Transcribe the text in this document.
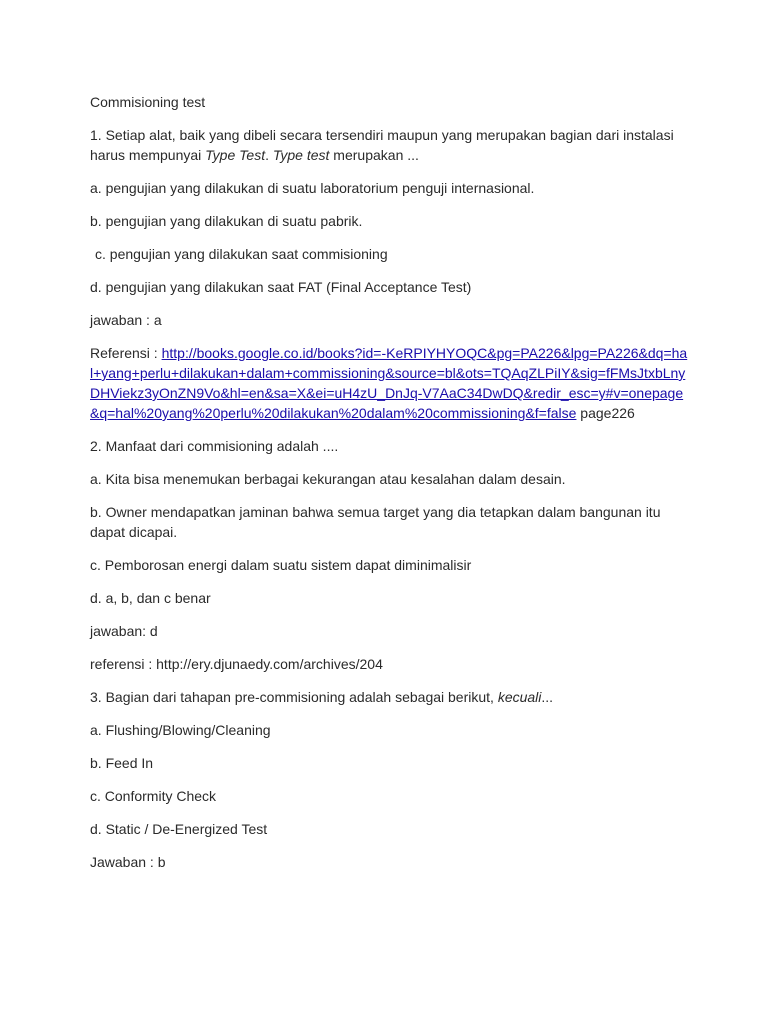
Commisioning test

1. Setiap alat, baik yang dibeli secara tersendiri maupun yang merupakan bagian dari instalasi harus mempunyai Type Test. Type test merupakan ...

a. pengujian yang dilakukan di suatu laboratorium penguji internasional.

b. pengujian yang dilakukan di suatu pabrik.

c. pengujian yang dilakukan saat commisioning

d. pengujian yang dilakukan saat FAT (Final Acceptance Test)

jawaban : a

Referensi : http://books.google.co.id/books?id=-KeRPIYHYOQC&pg=PA226&lpg=PA226&dq=hal+yang+perlu+dilakukan+dalam+commissioning&source=bl&ots=TQAqZLPiIY&sig=fFMsJtxbLnyDHViekz3yOnZN9Vo&hl=en&sa=X&ei=uH4zU_DnJq-V7AaC34DwDQ&redir_esc=y#v=onepage&q=hal%20yang%20perlu%20dilakukan%20dalam%20commissioning&f=false page226

2. Manfaat dari commisioning adalah ....

a. Kita bisa menemukan berbagai kekurangan atau kesalahan dalam desain.

b. Owner mendapatkan jaminan bahwa semua target yang dia tetapkan dalam bangunan itu dapat dicapai.

c. Pemborosan energi dalam suatu sistem dapat diminimalisir

d. a, b, dan c benar

jawaban: d

referensi : http://ery.djunaedy.com/archives/204

3. Bagian dari tahapan pre-commisioning adalah sebagai berikut, kecuali...

a. Flushing/Blowing/Cleaning

b. Feed In

c. Conformity Check

d. Static / De-Energized Test

Jawaban : b
